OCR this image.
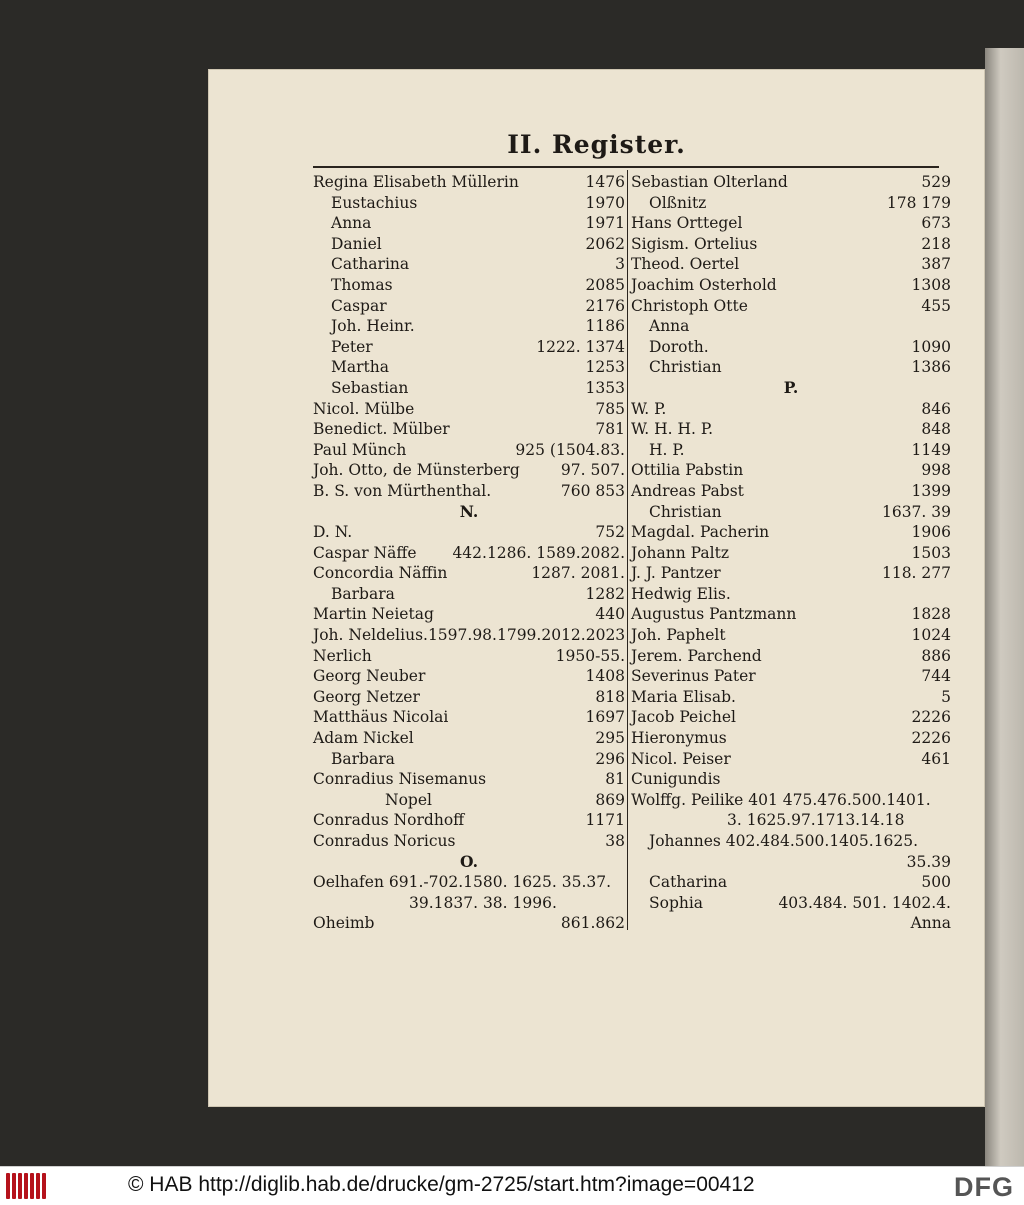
II. Register.
Regina Elisabeth Müllerin	1476
Eustachius	1970
Anna	1971
Daniel	2062
Catharina	3
Thomas	2085
Caspar	2176
Joh. Heinr.	1186
Peter	1222. 1374
Martha	1253
Sebastian	1353
Nicol. Mülbe	785
Benedict. Mülber	781
Paul Münch	925 (1504.83.
Joh. Otto, de Münsterberg	97. 507.
B. S. von Mürthenthal.	760 853
N.
D. N.	752
Caspar Näffe 442.1286. 1589.2082.
Concordia Näffin	1287. 2081.
Barbara	1282
Martin Neietag	440
Joh. Neldelius.1597.98.1799.2012.2023
Nerlich	1950-55.
Georg Neuber	1408
Georg Netzer	818
Matthäus Nicolai	1697
Adam Nickel	295
Barbara	296
Conradius Nisemanus	81
Nopel	869
Conradus Nordhoff	1171
Conradus Noricus	38
O.
Oelhafen 691.-702.1580. 1625. 35.37.
39.1837. 38. 1996.
Oheimb	861.862
Sebastian Olterland	529
Olßnitz	178 179
Hans Orttegel	673
Sigism. Ortelius	218
Theod. Oertel	387
Joachim Osterhold	1308
Christoph Otte	455
Anna
Doroth.	1090
Christian	1386
P.
W. P.	846
W. H. H. P.	848
H. P.	1149
Ottilia Pabstin	998
Andreas Pabst	1399
Christian	1637. 39
Magdal. Pacherin	1906
Johann Paltz	1503
J. J. Pantzer	118. 277
Hedwig Elis.
Augustus Pantzmann	1828
Joh. Paphelt	1024
Jerem. Parchend	886
Severinus Pater	744
Maria Elisab.	5
Jacob Peichel	2226
Hieronymus	2226
Nicol. Peiser	461
Cunigundis
Wolffg. Peilike 401 475.476.500.1401.
3. 1625.97.1713.14.18
Johannes 402.484.500.1405.1625.
35.39
Catharina	500
Sophia	403.484. 501. 1402.4.
Anna
© HAB http://diglib.hab.de/drucke/gm-2725/start.htm?image=00412	DFG
